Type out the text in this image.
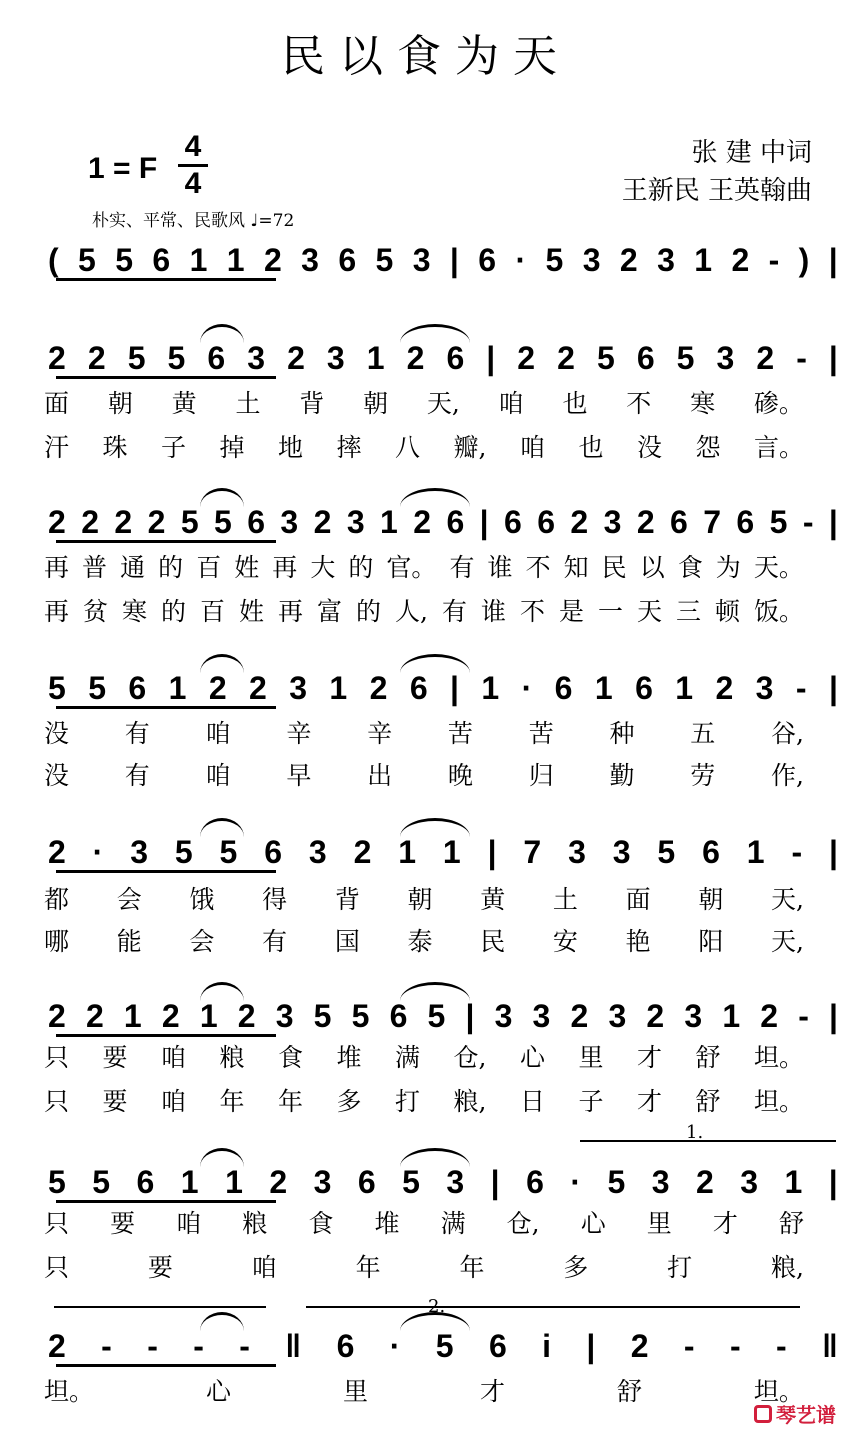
民以食为天
1 = F
4
4
张 建 中词
王新民 王英翰曲
朴实、平常、民歌风 ♩=72
( 5 5 6 1 1 2 3 6 5 3 | 6 · 5 3 2 3 1 2 - ) |
2 2 5 5 6 3 2 3 1 2 6 | 2 2 5 6 5 3 2 - |
面 朝 黄 土 背 朝 天, 咱 也 不 寒 碜。
汗 珠 子 掉 地 摔 八 瓣, 咱 也 没 怨 言。
2 2 2 2 5 5 6 3 2 3 1 2 6 | 6 6 2 3 2 6 7 6 5 - |
再 普 通 的 百 姓 再 大 的 官。 有 谁 不 知 民 以 食 为 天。
再 贫 寒 的 百 姓 再 富 的 人, 有 谁 不 是 一 天 三 顿 饭。
5 5 6 1 2 2 3 1 2 6 | 1 · 6 1 6 1 2 3 - |
没 有 咱 辛 辛 苦 苦 种 五 谷,
没 有 咱 早 出 晚 归 勤 劳 作,
2 · 3 5 5 6 3 2 1 1 | 7 3 3 5 6 1 - |
都 会 饿 得 背 朝 黄 土 面 朝 天,
哪 能 会 有 国 泰 民 安 艳 阳 天,
2 2 1 2 1 2 3 5 5 6 5 | 3 3 2 3 2 3 1 2 - |
只 要 咱 粮 食 堆 满 仓, 心 里 才 舒 坦。
只 要 咱 年 年 多 打 粮, 日 子 才 舒 坦。
5 5 6 1 1 2 3 6 5 3 | 6 · 5 3 2 3 1 |
只 要 咱 粮 食 堆 满 仓, 心 里 才 舒
只	要	咱	年	年	多	打	粮,
2 - - - - ‖ 6 · 5 6 i | 2 - - - ‖
坦。	心	里	才	舒	坦。
1.
2.
琴艺谱
